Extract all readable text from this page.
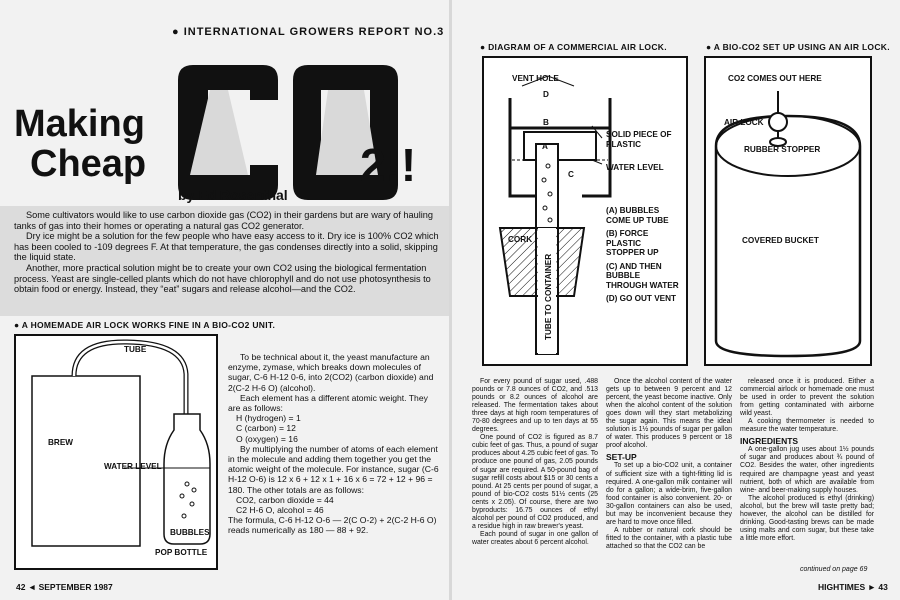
● INTERNATIONAL GROWERS REPORT NO.3
Making
Cheap	2!!
by Ed Rosenthal

Some cultivators would like to use carbon dioxide gas (CO2) in their gardens but are wary of hauling tanks of gas into their homes or operating a natural gas CO2 generator.

Dry ice might be a solution for the few people who have easy access to it. Dry ice is 100% CO2 which has been cooled to -109 degrees F. At that temperature, the gas condenses directly into a solid, skipping the liquid state.

Another, more practical solution might be to create your own CO2 using the biological fermentation process. Yeast are single-celled plants which do not have chlorophyll and do not use photosynthesis to obtain food or energy. Instead, they “eat” sugars and release alcohol—and the CO2.

● A HOMEMADE AIR LOCK WORKS FINE IN A BIO-CO2 UNIT.
TUBE
BREW
WATER LEVEL
BUBBLES
POP BOTTLE

To be technical about it, the yeast manufacture an enzyme, zymase, which breaks down molecules of sugar, C-6 H-12 0-6, into 2(CO2) (carbon dioxide) and 2(C-2 H-6 O) (alcohol).

Each element has a different atomic weight. They are as follows:

H (hydrogen) = 1
C (carbon) = 12
O (oxygen) = 16

By multiplying the number of atoms of each element in the molecule and adding them together you get the atomic weight of the molecule. For instance, sugar (C-6 H-12 O-6) is 12 x 6 + 12 x 1 + 16 x 6 = 72 + 12 + 96 = 180. The other totals are as follows:

CO2, carbon dioxide = 44
C2 H-6 O, alcohol = 46
The formula, C-6 H-12 O-6 — 2(C O-2) + 2(C-2 H-6 O) reads numerically as 180 — 88 + 92.
42 ◄ SEPTEMBER 1987
● DIAGRAM OF A COMMERCIAL AIR LOCK.	● A BIO-CO2 SET UP USING AN AIR LOCK.
VENT HOLE
D
B
A
C
SOLID PIECE OF PLASTIC
WATER LEVEL
CORK
TUBE TO CONTAINER
(A) BUBBLES COME UP TUBE
(B) FORCE PLASTIC STOPPER UP
(C) AND THEN BUBBLE THROUGH WATER
(D) GO OUT VENT
CO2 COMES OUT HERE
AIR LOCK
RUBBER STOPPER
COVERED BUCKET

For every pound of sugar used, .488 pounds or 7.8 ounces of CO2, and .513 pounds or 8.2 ounces of alcohol are released. The fermentation takes about three days at high room temperatures of 70-80 degrees and up to ten days at 55 degrees.

One pound of CO2 is figured as 8.7 cubic feet of gas. Thus, a pound of sugar produces about 4.25 cubic feet of gas. To produce one pound of gas, 2.05 pounds of sugar are required. A 50-pound bag of sugar refill costs about $15 or 30 cents a pound. At 25 cents per pound of sugar, a pound of bio-CO2 costs 51½ cents (25 cents x 2.05). Of course, there are two byproducts: 16.75 ounces of ethyl alcohol per pound of CO2 produced, and a residue high in raw brewer's yeast.

Each pound of sugar in one gallon of water creates about 6 percent alcohol.

Once the alcohol content of the water gets up to between 9 percent and 12 percent, the yeast become inactive. Only when the alcohol content of the solution goes down will they start metabolizing the sugar again. This means the ideal solution is 1½ pounds of sugar per gallon of water. This produces 9 percent or 18 proof alcohol.

SET-UP

To set up a bio-CO2 unit, a container of sufficient size with a tight-fitting lid is required. A one-gallon milk container will do for a gallon; a wide-brim, five-gallon food container is also convenient. 20- or 30-gallon containers can also be used, but may be inconvenient because they are hard to move once filled.

A rubber or natural cork should be fitted to the container, with a plastic tube attached so that the CO2 can be

released once it is produced. Either a commercial airlock or homemade one must be used in order to prevent the solution from getting contaminated with airborne wild yeast.

A cooking thermometer is needed to measure the water temperature.

INGREDIENTS

A one-gallon jug uses about 1½ pounds of sugar and produces about ¾ pound of CO2. Besides the water, other ingredients required are champagne yeast and yeast nutrient, both of which are available from wine- and beer-making supply houses.

The alcohol produced is ethyl (drinking) alcohol, but the brew will taste pretty bad; however, the alcohol can be distilled for drinking. Good-tasting brews can be made using malts and corn sugar, but these take a little more effort.

continued on page 69
HIGHTIMES ► 43
